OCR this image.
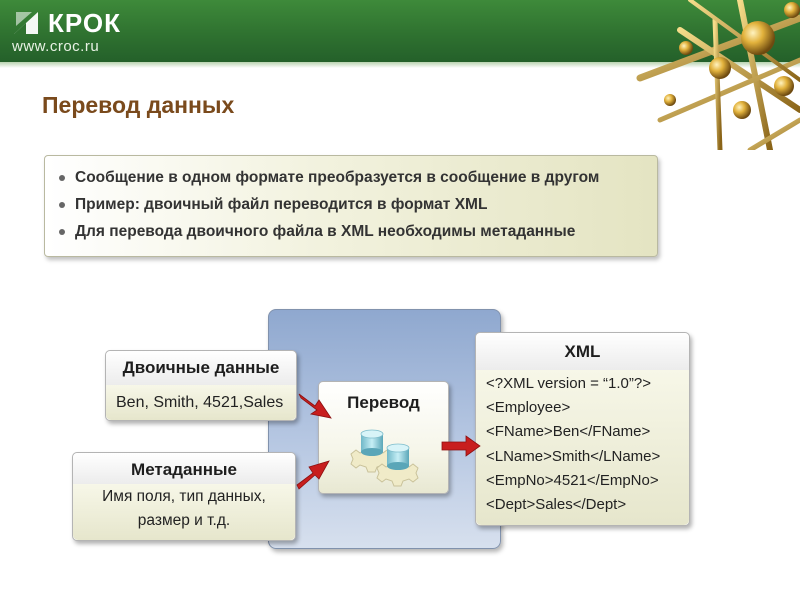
КРОК
www.croc.ru
Перевод данных
Сообщение в одном формате преобразуется в сообщение в другом
Пример: двоичный файл переводится в формат XML
Для перевода двоичного файла в XML необходимы метаданные
Двоичные данные
Ben, Smith, 4521,Sales
Метаданные
Имя поля, тип данных,
размер и т.д.
Перевод
XML
<?XML version = “1.0”?>
<Employee>
<FName>Ben</FName>
<LName>Smith</LName>
<EmpNo>4521</EmpNo>
<Dept>Sales</Dept>
